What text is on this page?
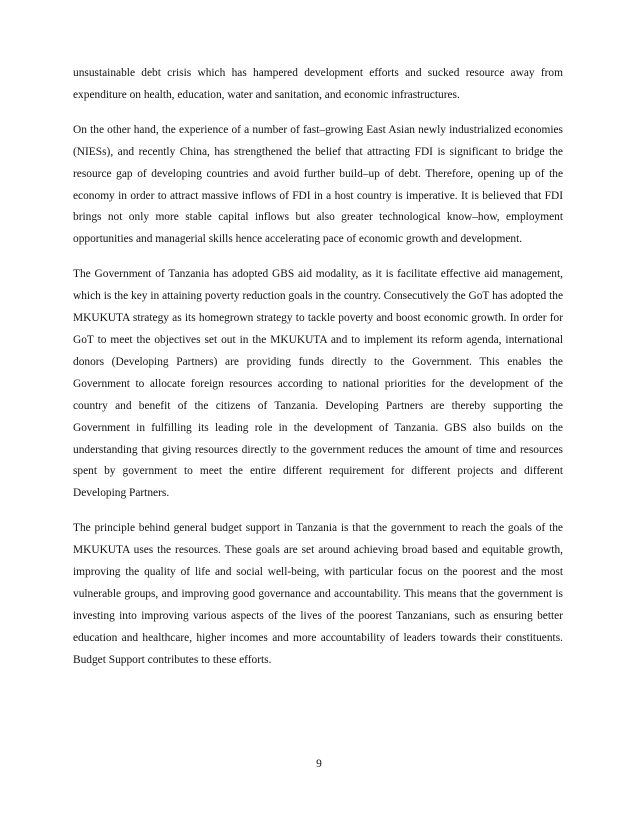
unsustainable debt crisis which has hampered development efforts and sucked resource away from expenditure on health, education, water and sanitation, and economic infrastructures.

On the other hand, the experience of a number of fast–growing East Asian newly industrialized economies (NIESs), and recently China, has strengthened the belief that attracting FDI is significant to bridge the resource gap of developing countries and avoid further build–up of debt. Therefore, opening up of the economy in order to attract massive inflows of FDI in a host country is imperative. It is believed that FDI brings not only more stable capital inflows but also greater technological know–how, employment opportunities and managerial skills hence accelerating pace of economic growth and development.

The Government of Tanzania has adopted GBS aid modality, as it is facilitate effective aid management, which is the key in attaining poverty reduction goals in the country. Consecutively the GoT has adopted the MKUKUTA strategy as its homegrown strategy to tackle poverty and boost economic growth. In order for GoT to meet the objectives set out in the MKUKUTA and to implement its reform agenda, international donors (Developing Partners) are providing funds directly to the Government. This enables the Government to allocate foreign resources according to national priorities for the development of the country and benefit of the citizens of Tanzania. Developing Partners are thereby supporting the Government in fulfilling its leading role in the development of Tanzania. GBS also builds on the understanding that giving resources directly to the government reduces the amount of time and resources spent by government to meet the entire different requirement for different projects and different Developing Partners.

The principle behind general budget support in Tanzania is that the government to reach the goals of the MKUKUTA uses the resources. These goals are set around achieving broad based and equitable growth, improving the quality of life and social well-being, with particular focus on the poorest and the most vulnerable groups, and improving good governance and accountability. This means that the government is investing into improving various aspects of the lives of the poorest Tanzanians, such as ensuring better education and healthcare, higher incomes and more accountability of leaders towards their constituents. Budget Support contributes to these efforts.

9
